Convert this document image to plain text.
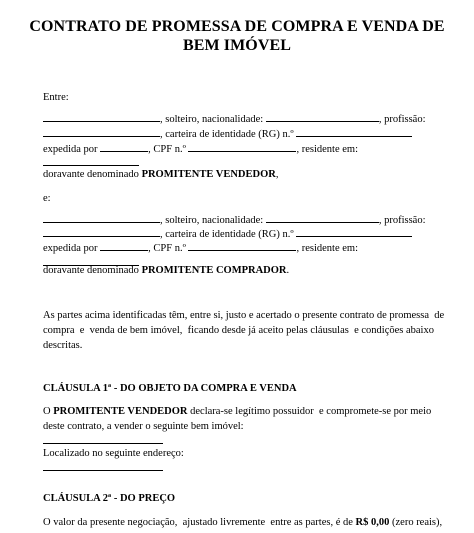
CONTRATO DE PROMESSA DE COMPRA E VENDA DE
BEM IMÓVEL
Entre:
, solteiro, nacionalidade:	, profissão:
, carteira de identidade (RG) n.º
expedida por	, CPF n.º	, residente em:
doravante denominado PROMITENTE VENDEDOR,
e:
, solteiro, nacionalidade:	, profissão:
, carteira de identidade (RG) n.º
expedida por	, CPF n.º	, residente em:
doravante denominado PROMITENTE COMPRADOR.
As partes acima identificadas têm, entre si, justo e acertado o presente contrato de promessa  de
compra  e  venda de bem imóvel,  ficando desde já aceito pelas cláusulas  e condições abaixo
descritas.
CLÁUSULA 1ª - DO OBJETO DA COMPRA E VENDA
O PROMITENTE VENDEDOR declara-se legítimo possuidor  e compromete-se por meio
deste contrato, a vender o seguinte bem imóvel:
Localizado no seguinte endereço:
CLÁUSULA 2ª - DO PREÇO
O valor da presente negociação,  ajustado livremente  entre as partes, é de R$ 0,00 (zero reais),
